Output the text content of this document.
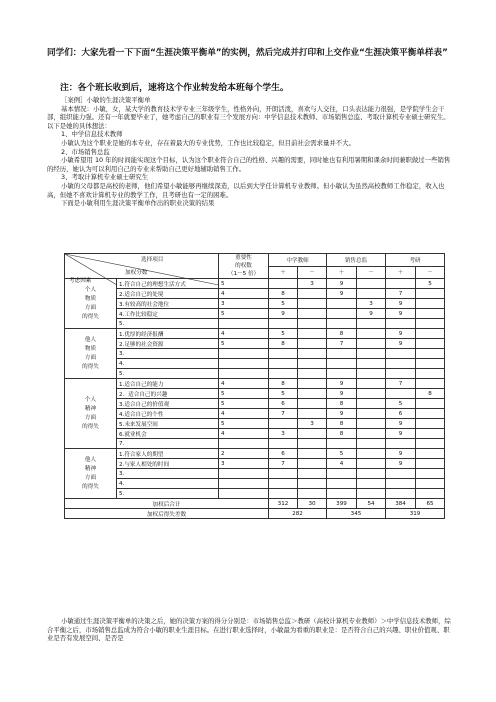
同学们：大家先看一下下面“生涯决策平衡单”的实例，然后完成并打印和上交作业“生涯决策平衡单样表”
注：各个班长收到后，速将这个作业转发给本班每个学生。

［案例］小敏的生涯决策平衡单

基本情况：小敏，女，某大学的教育技术学专业三年级学生，性格外向，开朗活泼，喜欢与人交往，口头表达能力很强，是学院学生会干部，组织能力强。还有一年就要毕业了，她考虑自己的职业有三个发展方向：中学信息技术教师、市场销售总监、考取计算机专业硕士研究生。以下是她的具体想法：

1、中学信息技术教师

小敏认为这个职业是她的本专业，存在着最大的专业优势，工作也比较稳定，但目前社会需求量并不大。

2、市场销售总监

小敏希望用 10 年的时间能实现这个目标，认为这个职业符合自己的性格、兴趣的需要，同时她也有利用暑期和课余时间兼职做过一些销售的经历，她认为可以利用自己的专业来帮助自己更好地辅助销售工作。

3、考取计算机专业硕士研究生

小敏的父母都是高校的老师，他们希望小敏能够再继续深造，以后到大学任计算机专业教师。但小敏认为虽然高校教师工作稳定，收入也高，但她不喜欢计算机专业的教学工作，且考研也有一定的困难。

下面是小敏利用生涯决策平衡单作出的职业决策的结果

选择项目
加权分数
考虑因素		重要性
的权数
（1－5 倍）	中学教师		销售总监		考研	
			＋	－	＋	－	＋	－
个人
物质
方面
的得失	1.符合自己的理想生活方式	5		3	9			5
	2.适合自己的处境	4	8		9		7	
	3.有较高的社会地位	3	5			3	9	
	4.工作比较稳定	5	9			9	9	
	5.							
他人
物质
方面
的得失	1.优厚的经济报酬	4	5		8		9	
	2.足够的社会资源	5	8		7		9	
	3.							
	4.							
	5.							
个人
精神
方面
的得失	1.适合自己的能力	4	8		9		7	
	2．适合自己的兴趣	5	5		9			8
	3.适合自己的价值观	5	6		8		5	
	4.适合自己的个性	4	7		9		6	
	5.未来发展空间	5		3	8		9	
	6.就业机会	4	3		8		9	
	7.							
他人
精神
方面
的得失	1.符合家人的期望	2	6		5		9	
	2.与家人相处的时间	3	7		4		9	
	3.							
	4.							
	5.							
加权后合计			312	30	399	54	384	65
加权后得失差数			282		345		319	
小敏通过生涯决策平衡单的决策之后，她的决策方案的得分分别是：市场销售总监＞教研（高校计算机专业教师）＞中学信息技术教师，综合平衡之后，市场销售总监成为符合小敏的职业生涯目标。在进行职业选择时，小敏最为看重的职业是：是否符合自己的兴趣、职业价值观、职业是否有发展空间、是否是
